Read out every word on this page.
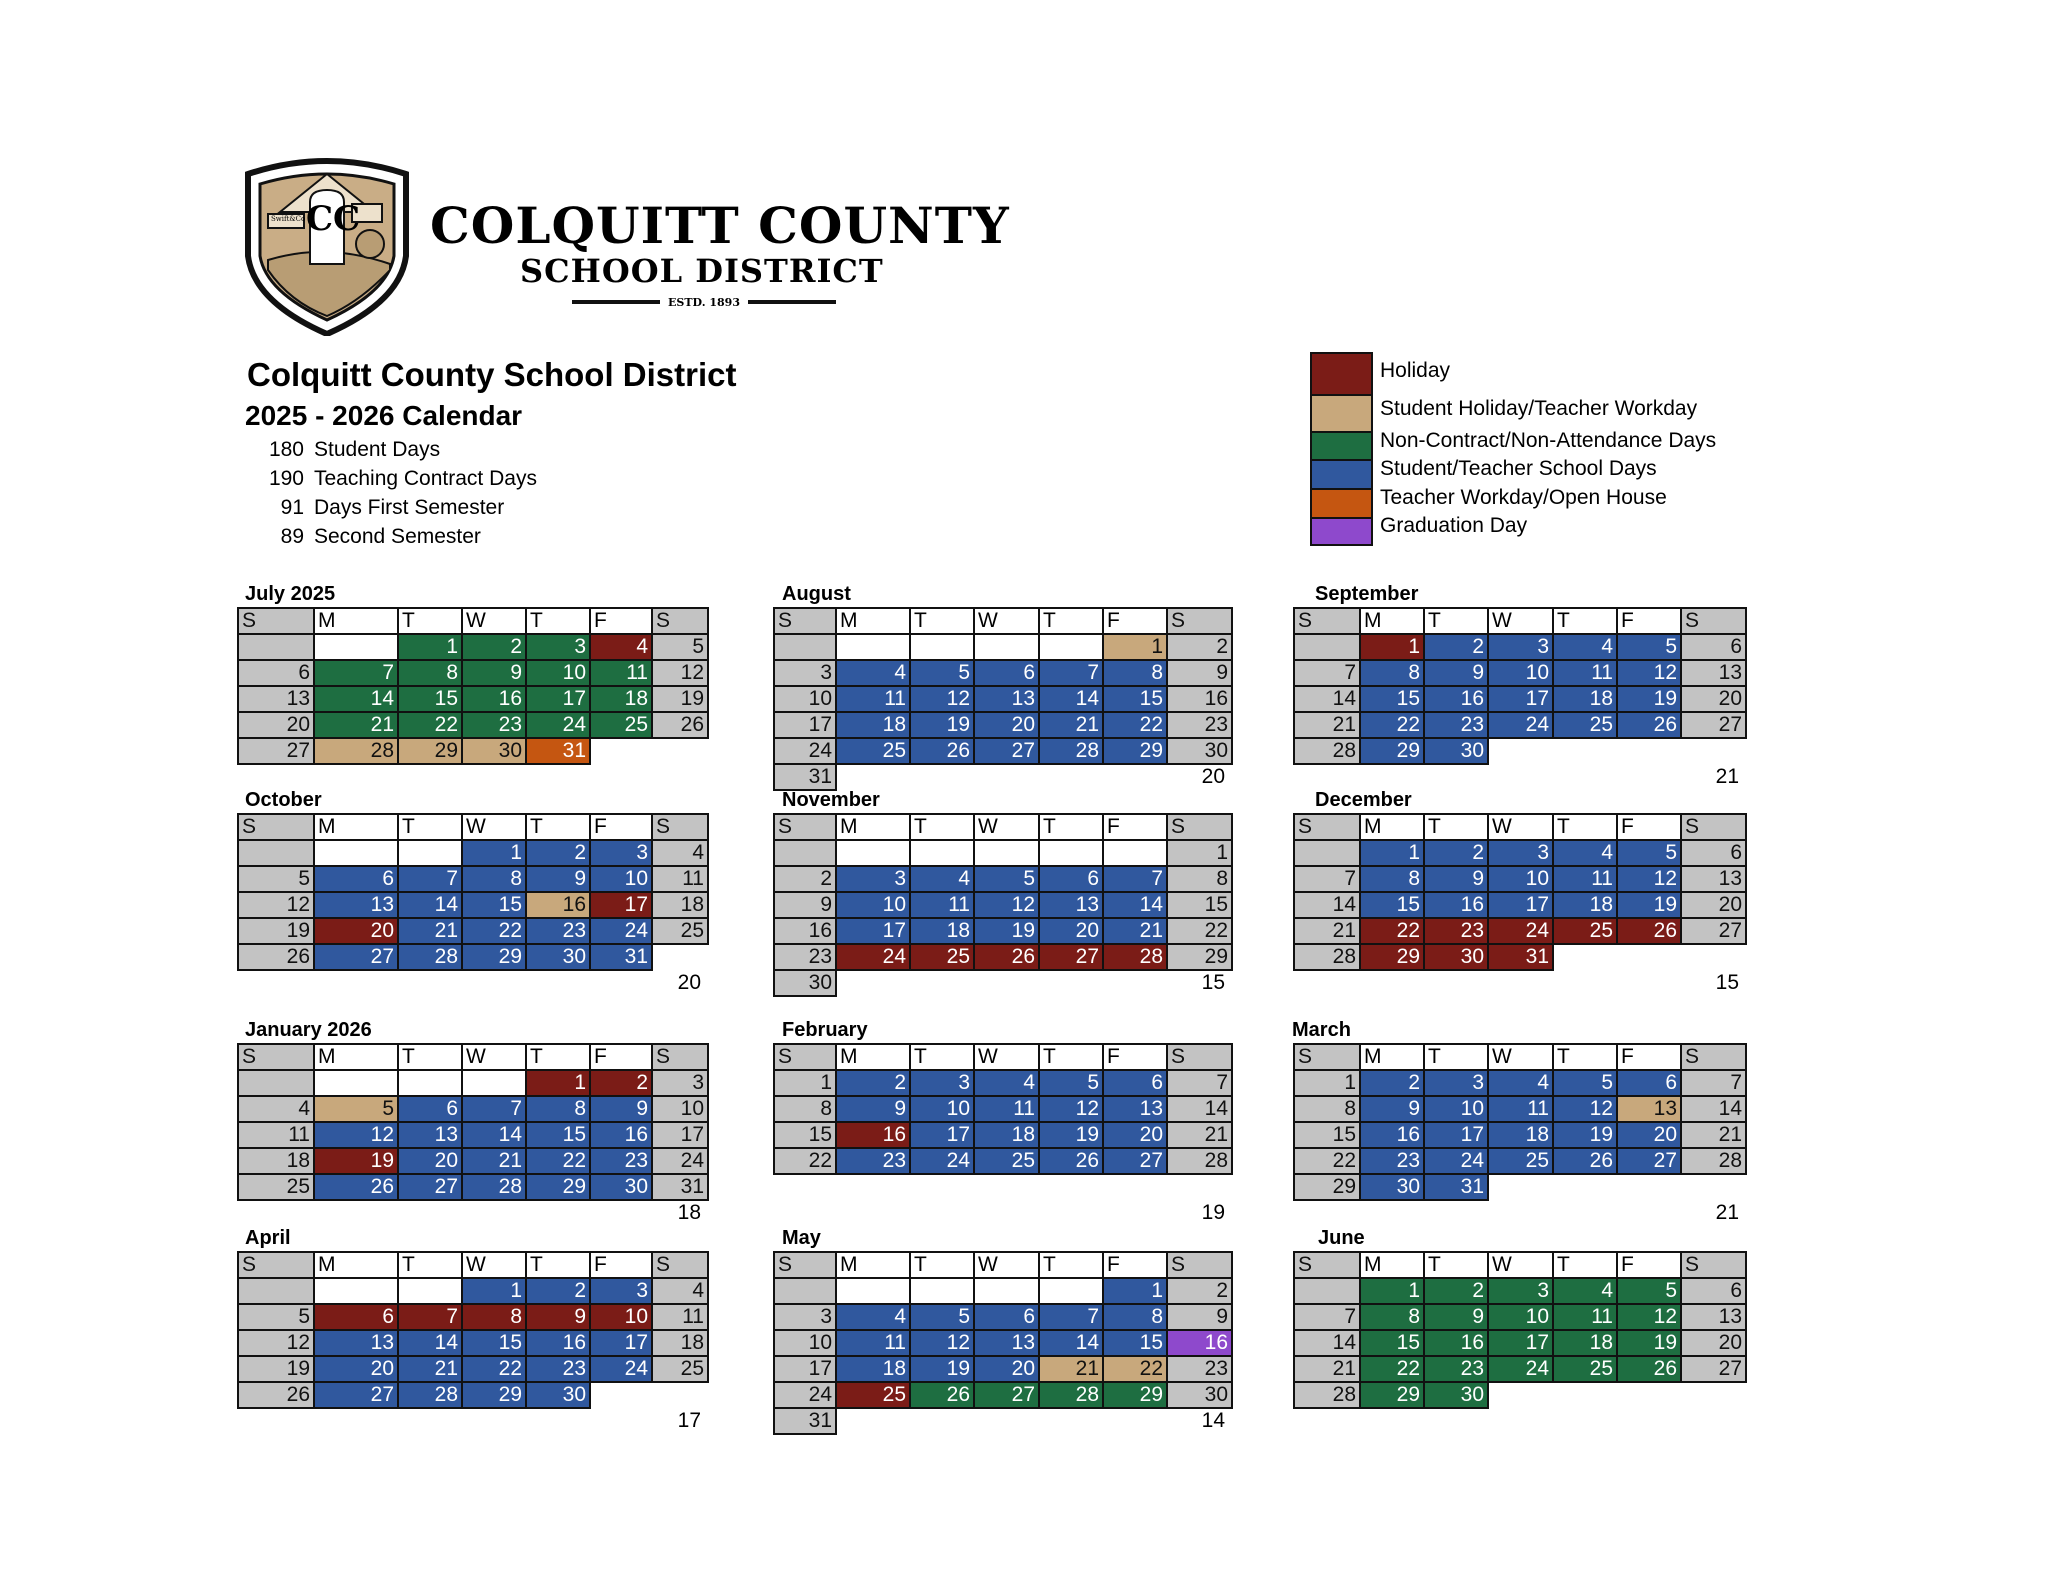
CC
Swift&Co COLQUITT COUNTY
SCHOOL DISTRICT
ESTD. 1893
Colquitt County School District
2025 - 2026 Calendar
180 Student Days
190 Teaching Contract Days
91 Days First Semester
89 Second Semester
Holiday
Student Holiday/Teacher Workday
Non-Contract/Non-Attendance Days
Student/Teacher School Days
Teacher Workday/Open House
Graduation Day
July 2025
S	M	T	W	T	F	S
		1	2	3	4	5
6	7	8	9	10	11	12
13	14	15	16	17	18	19
20	21	22	23	24	25	26
27	28	29	30	31		
August
S	M	T	W	T	F	S
					1	2
3	4	5	6	7	8	9
10	11	12	13	14	15	16
17	18	19	20	21	22	23
24	25	26	27	28	29	30
31							20
September
S	M	T	W	T	F	S
	1	2	3	4	5	6
7	8	9	10	11	12	13
14	15	16	17	18	19	20
21	22	23	24	25	26	27
28	29	30				
21
October
S	M	T	W	T	F	S
			1	2	3	4
5	6	7	8	9	10	11
12	13	14	15	16	17	18
19	20	21	22	23	24	25
26	27	28	29	30	31	
20
November
S	M	T	W	T	F	S
						1
2	3	4	5	6	7	8
9	10	11	12	13	14	15
16	17	18	19	20	21	22
23	24	25	26	27	28	29
30							15
December
S	M	T	W	T	F	S
	1	2	3	4	5	6
7	8	9	10	11	12	13
14	15	16	17	18	19	20
21	22	23	24	25	26	27
28	29	30	31			
15
January 2026
S	M	T	W	T	F	S
				1	2	3
4	5	6	7	8	9	10
11	12	13	14	15	16	17
18	19	20	21	22	23	24
25	26	27	28	29	30	31
18
February
S	M	T	W	T	F	S
1	2	3	4	5	6	7
8	9	10	11	12	13	14
15	16	17	18	19	20	21
22	23	24	25	26	27	28
19
March
S	M	T	W	T	F	S
1	2	3	4	5	6	7
8	9	10	11	12	13	14
15	16	17	18	19	20	21
22	23	24	25	26	27	28
29	30	31				
21
April
S	M	T	W	T	F	S
			1	2	3	4
5	6	7	8	9	10	11
12	13	14	15	16	17	18
19	20	21	22	23	24	25
26	27	28	29	30		
17
May
S	M	T	W	T	F	S
					1	2
3	4	5	6	7	8	9
10	11	12	13	14	15	16
17	18	19	20	21	22	23
24	25	26	27	28	29	30
31							14
June
S	M	T	W	T	F	S
	1	2	3	4	5	6
7	8	9	10	11	12	13
14	15	16	17	18	19	20
21	22	23	24	25	26	27
28	29	30				
